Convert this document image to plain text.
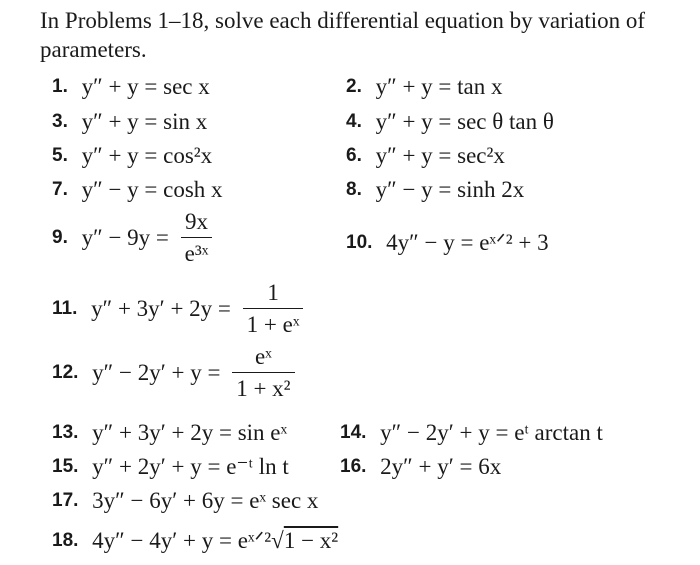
In Problems 1–18, solve each differential equation by variation of parameters.
1. y″ + y = sec x	2. y″ + y = tan x
3. y″ + y = sin x	4. y″ + y = sec θ tan θ
5. y″ + y = cos²x	6. y″ + y = sec²x
7. y″ − y = cosh x	8. y″ − y = sinh 2x
9. $y'' - 9y = \frac{9x}{\text{e³ˣ}}$	10. 4y″ − y = eˣᐟ² + 3
11. $y'' + 3y' + 2y = \frac{1}{\text{1 + eˣ}}$
12. $y'' - 2y' + y = \frac{\text{eˣ}}{\text{1 + x²}}$
13. y″ + 3y′ + 2y = sin eˣ	14. y″ − 2y′ + y = eᵗ arctan t
15. y″ + 2y′ + y = e⁻ᵗ ln t	16. 2y″ + y′ = 6x
17. 3y″ − 6y′ + 6y = eˣ sec x
18. 4y″ − 4y′ + y = eˣᐟ²√1 − x²
